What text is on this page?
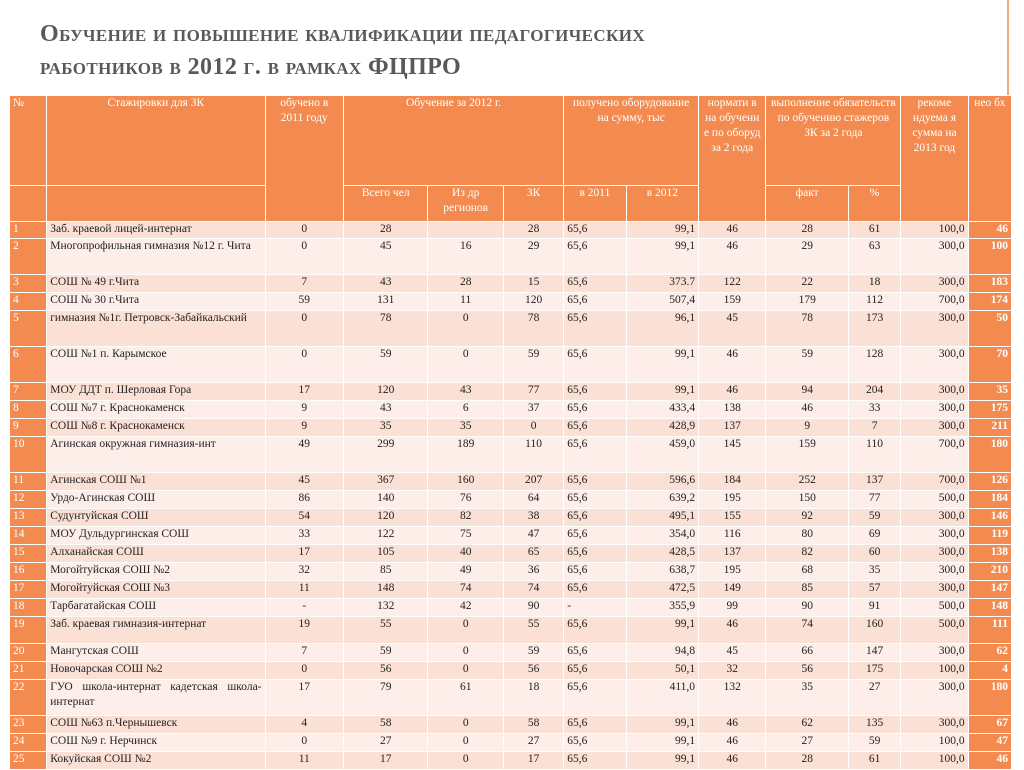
Обучение и повышение квалификации педагогических
работников в 2012 г. в рамках ФЦПРО
№	Стажировки для ЗК	обучено в 2011 году	Обучение за 2012 г.			получено оборудование на сумму, тыс		нормати в на обучени е по оборуд за 2 года	выполнение обязательств по обучению стажеров ЗК за 2 года		рекоме ндуема я сумма на 2013 год	нео бх
			Всего чел	Из др регионов	ЗК	в 2011	в 2012		факт	%		
1	Заб. краевой лицей-интернат	0	28		28	65,6	99,1	46	28	61	100,0	46
2	Многопрофильная гимназия №12 г. Чита	0	45	16	29	65,6	99,1	46	29	63	300,0	100
3	СОШ № 49 г.Чита	7	43	28	15	65,6	373.7	122	22	18	300,0	183
4	СОШ № 30 г.Чита	59	131	11	120	65,6	507,4	159	179	112	700,0	174
5	гимназия №1г. Петровск-Забайкальский	0	78	0	78	65,6	96,1	45	78	173	300,0	50
6	СОШ №1 п. Карымское	0	59	0	59	65,6	99,1	46	59	128	300,0	70
7	МОУ ДДТ п. Шерловая Гора	17	120	43	77	65,6	99,1	46	94	204	300,0	35
8	СОШ №7 г. Краснокаменск	9	43	6	37	65,6	433,4	138	46	33	300,0	175
9	СОШ №8 г. Краснокаменск	9	35	35	0	65,6	428,9	137	9	7	300,0	211
10	Агинская окружная гимназия-инт	49	299	189	110	65,6	459,0	145	159	110	700,0	180
11	Агинская СОШ №1	45	367	160	207	65,6	596,6	184	252	137	700,0	126
12	Урдо-Агинская СОШ	86	140	76	64	65,6	639,2	195	150	77	500,0	184
13	Судунтуйская СОШ	54	120	82	38	65,6	495,1	155	92	59	300,0	146
14	МОУ Дульдургинская СОШ	33	122	75	47	65,6	354,0	116	80	69	300,0	119
15	Алханайская СОШ	17	105	40	65	65,6	428,5	137	82	60	300,0	138
16	Могойтуйская СОШ №2	32	85	49	36	65,6	638,7	195	68	35	300,0	210
17	Могойтуйская СОШ №3	11	148	74	74	65,6	472,5	149	85	57	300,0	147
18	Тарбагатайская СОШ	-	132	42	90	-	355,9	99	90	91	500,0	148
19	Заб. краевая гимназия-интернат	19	55	0	55	65,6	99,1	46	74	160	500,0	111
20	Мангутская СОШ	7	59	0	59	65,6	94,8	45	66	147	300,0	62
21	Новочарская СОШ №2	0	56	0	56	65,6	50,1	32	56	175	100,0	4
22	ГУО школа-интернат кадетская школа-интернат	17	79	61	18	65,6	411,0	132	35	27	300,0	180
23	СОШ №63 п.Чернышевск	4	58	0	58	65,6	99,1	46	62	135	300,0	67
24	СОШ №9 г. Нерчинск	0	27	0	27	65,6	99,1	46	27	59	100,0	47
25	Кокуйская СОШ №2	11	17	0	17	65,6	99,1	46	28	61	100,0	46
